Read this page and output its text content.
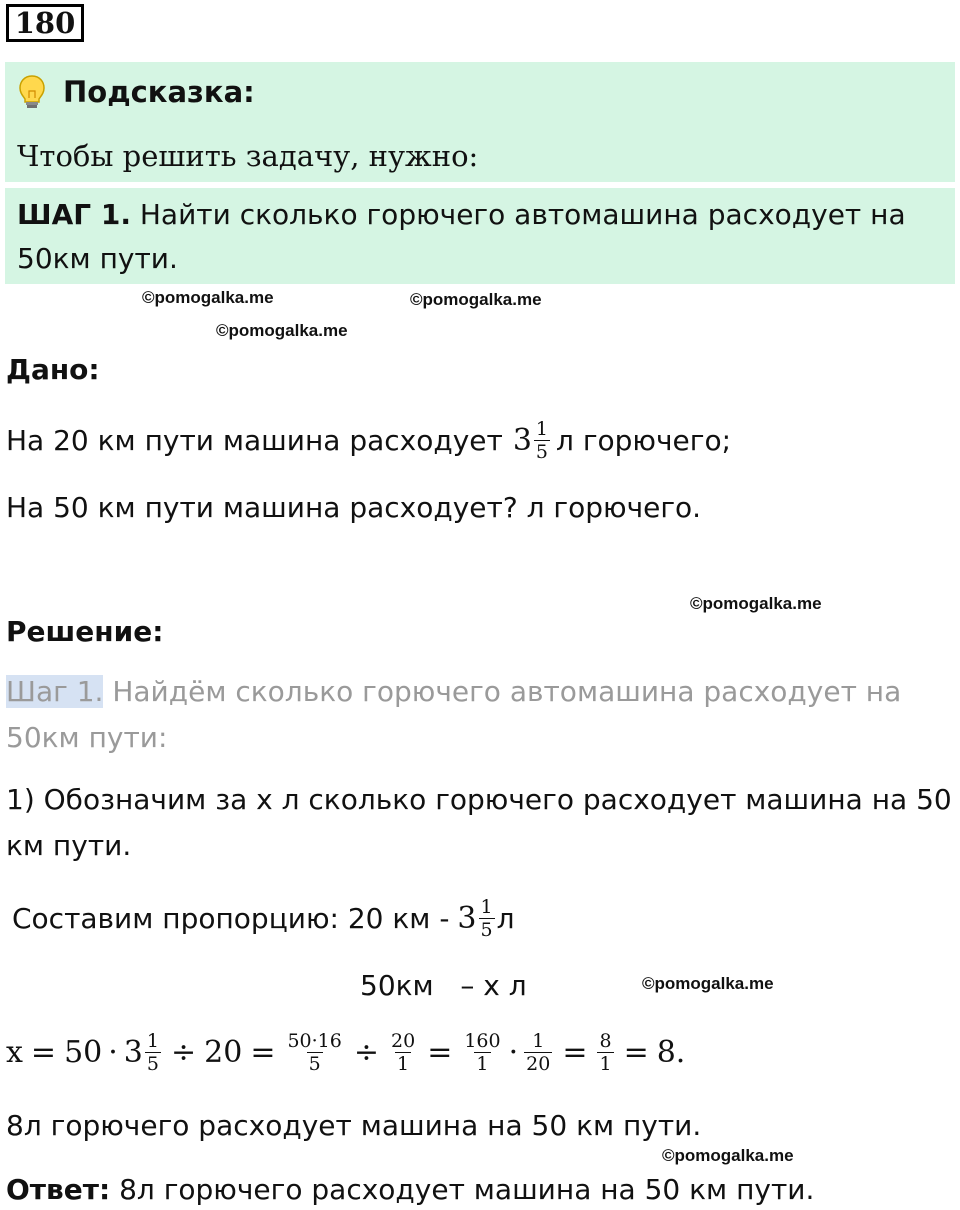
180
Подсказка:
Чтобы решить задачу, нужно:
ШАГ 1. Найти сколько горючего автомашина расходует на
50км пути.
©pomogalka.me	©pomogalka.me
©pomogalka.me
Дано:
На 20 км пути машина расходует $3 \frac{1}{5}$ л горючего;
На 50 км пути машина расходует? л горючего.
©pomogalka.me
Решение:
Шаг 1. Найдём сколько горючего автомашина расходует на
50км пути:
1) Обозначим за х л сколько горючего расходует машина на 50
км пути.
Составим пропорцию: 20 км - $3 \frac{1}{5}$ л
50км   – х л	©pomogalka.me
$x = 50 \cdot 3 \frac{1}{5} \div 20 = \frac{50\cdot 16}{5} \div \frac{20}{1} = \frac{160}{1} \cdot \frac{1}{20} = \frac{8}{1} = 8$.
8л горючего расходует машина на 50 км пути.
©pomogalka.me
Ответ: 8л горючего расходует машина на 50 км пути.
